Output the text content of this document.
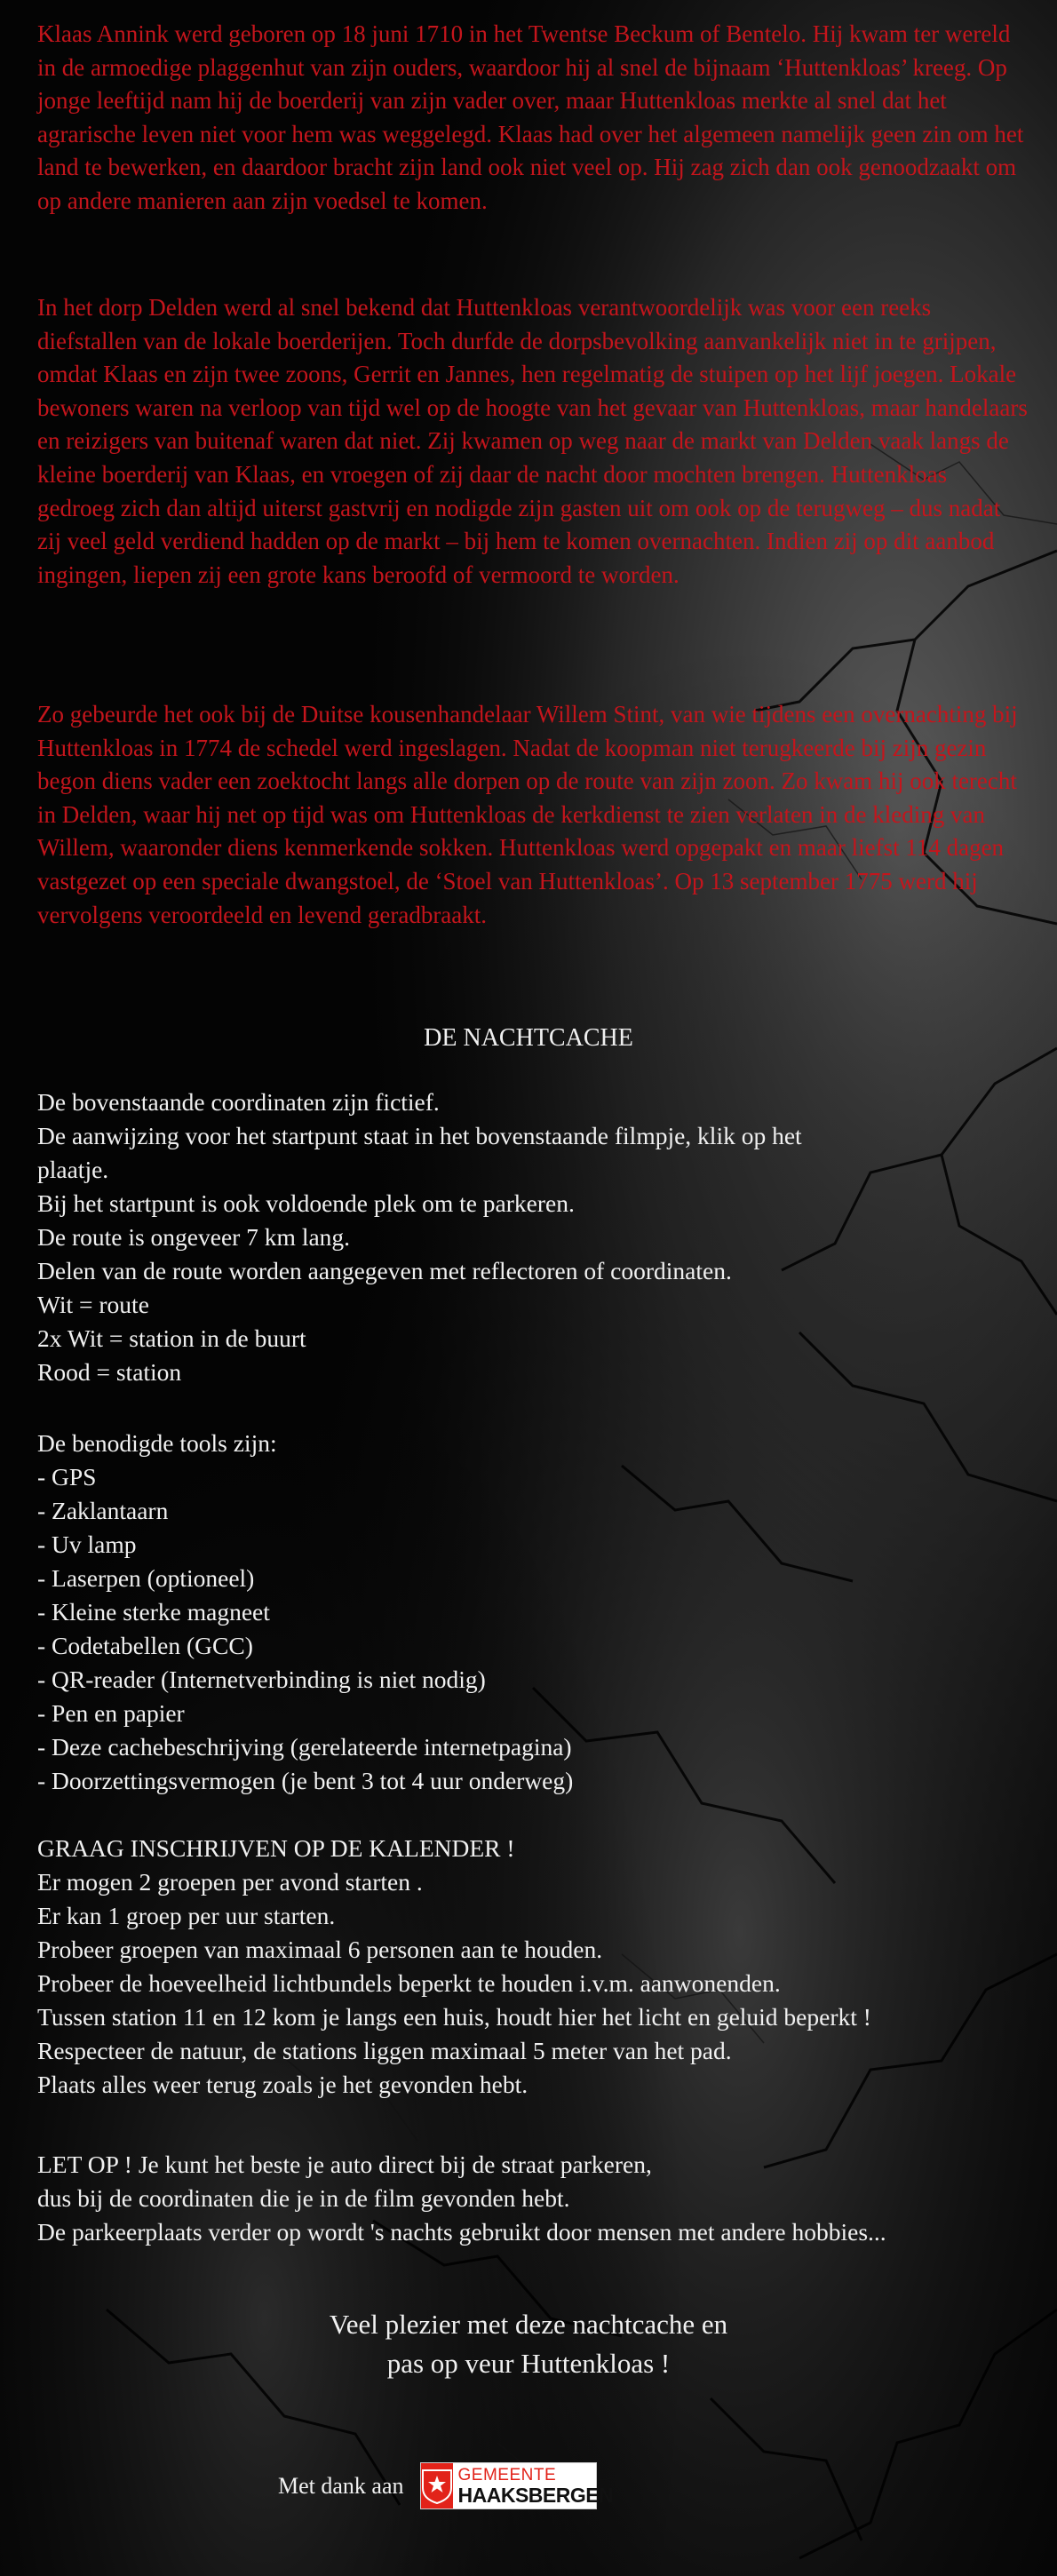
Klaas Annink werd geboren op 18 juni 1710 in het Twentse Beckum of Bentelo. Hij kwam ter wereld in de armoedige plaggenhut van zijn ouders, waardoor hij al snel de bijnaam ‘Huttenkloas’ kreeg. Op jonge leeftijd nam hij de boerderij van zijn vader over, maar Huttenkloas merkte al snel dat het agrarische leven niet voor hem was weggelegd. Klaas had over het algemeen namelijk geen zin om het land te bewerken, en daardoor bracht zijn land ook niet veel op. Hij zag zich dan ook genoodzaakt om op andere manieren aan zijn voedsel te komen.

In het dorp Delden werd al snel bekend dat Huttenkloas verantwoordelijk was voor een reeks diefstallen van de lokale boerderijen. Toch durfde de dorpsbevolking aanvankelijk niet in te grijpen, omdat Klaas en zijn twee zoons, Gerrit en Jannes, hen regelmatig de stuipen op het lijf joegen. Lokale bewoners waren na verloop van tijd wel op de hoogte van het gevaar van Huttenkloas, maar handelaars en reizigers van buitenaf waren dat niet. Zij kwamen op weg naar de markt van Delden vaak langs de kleine boerderij van Klaas, en vroegen of zij daar de nacht door mochten brengen. Huttenkloas gedroeg zich dan altijd uiterst gastvrij en nodigde zijn gasten uit om ook op de terugweg – dus nadat zij veel geld verdiend hadden op de markt – bij hem te komen overnachten. Indien zij op dit aanbod ingingen, liepen zij een grote kans beroofd of vermoord te worden.

Zo gebeurde het ook bij de Duitse kousenhandelaar Willem Stint, van wie tijdens een overnachting bij Huttenkloas in 1774 de schedel werd ingeslagen. Nadat de koopman niet terugkeerde bij zijn gezin begon diens vader een zoektocht langs alle dorpen op de route van zijn zoon. Zo kwam hij ook terecht in Delden, waar hij net op tijd was om Huttenkloas de kerkdienst te zien verlaten in de kleding van Willem, waaronder diens kenmerkende sokken. Huttenkloas werd opgepakt en maar liefst 114 dagen vastgezet op een speciale dwangstoel, de ‘Stoel van Huttenkloas’. Op 13 september 1775 werd hij vervolgens veroordeeld en levend geradbraakt.

DE NACHTCACHE
De bovenstaande coordinaten zijn fictief.
De aanwijzing voor het startpunt staat in het bovenstaande filmpje, klik op het
plaatje.
Bij het startpunt is ook voldoende plek om te parkeren.
De route is ongeveer 7 km lang.
Delen van de route worden aangegeven met reflectoren of coordinaten.
Wit = route
2x Wit = station in de buurt
Rood = station
De benodigde tools zijn:
- GPS
- Zaklantaarn
- Uv lamp
- Laserpen (optioneel)
- Kleine sterke magneet
- Codetabellen (GCC)
- QR-reader (Internetverbinding is niet nodig)
- Pen en papier
- Deze cachebeschrijving (gerelateerde internetpagina)
- Doorzettingsvermogen (je bent 3 tot 4 uur onderweg)
GRAAG INSCHRIJVEN OP DE KALENDER !
Er mogen 2 groepen per avond starten .
Er kan 1 groep per uur starten.
Probeer groepen van maximaal 6 personen aan te houden.
Probeer de hoeveelheid lichtbundels beperkt te houden i.v.m. aanwonenden.
Tussen station 11 en 12 kom je langs een huis, houdt hier het licht en geluid beperkt !
Respecteer de natuur, de stations liggen maximaal 5 meter van het pad.
Plaats alles weer terug zoals je het gevonden hebt.
LET OP ! Je kunt het beste je auto direct bij de straat parkeren,
dus bij de coordinaten die je in de film gevonden hebt.
De parkeerplaats verder op wordt 's nachts gebruikt door mensen met andere hobbies...
Veel plezier met deze nachtcache en
pas op veur Huttenkloas !
Met dank aan	GEMEENTE
HAAKSBERGEN
